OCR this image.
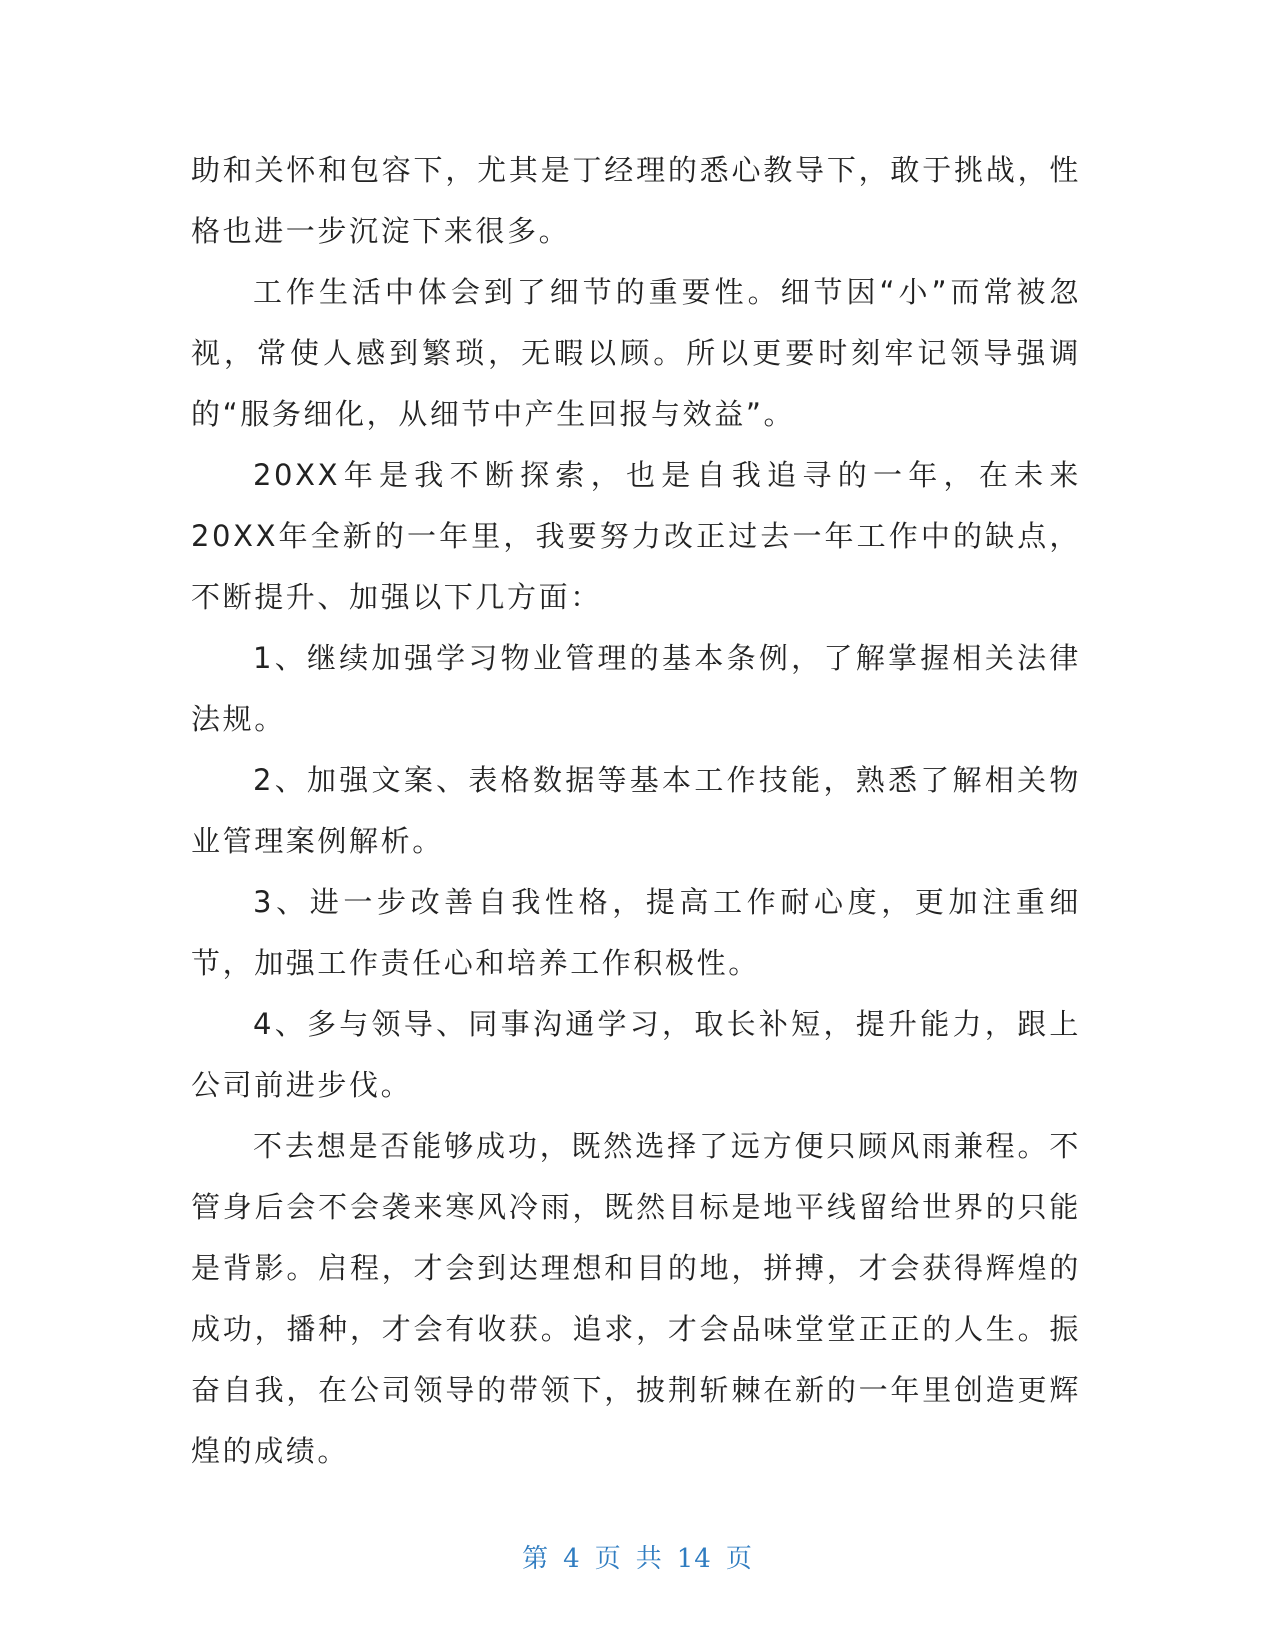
助和关怀和包容下，尤其是丁经理的悉心教导下，敢于挑战，性格也进一步沉淀下来很多。

工作生活中体会到了细节的重要性。细节因“小”而常被忽视，常使人感到繁琐，无暇以顾。所以更要时刻牢记领导强调的“服务细化，从细节中产生回报与效益”。

20XX年是我不断探索，也是自我追寻的一年，在未来20XX年全新的一年里，我要努力改正过去一年工作中的缺点，不断提升、加强以下几方面：

1、继续加强学习物业管理的基本条例，了解掌握相关法律法规。

2、加强文案、表格数据等基本工作技能，熟悉了解相关物业管理案例解析。

3、进一步改善自我性格，提高工作耐心度，更加注重细节，加强工作责任心和培养工作积极性。

4、多与领导、同事沟通学习，取长补短，提升能力，跟上公司前进步伐。

不去想是否能够成功，既然选择了远方便只顾风雨兼程。不管身后会不会袭来寒风冷雨，既然目标是地平线留给世界的只能是背影。启程，才会到达理想和目的地，拼搏，才会获得辉煌的成功，播种，才会有收获。追求，才会品味堂堂正正的人生。振奋自我，在公司领导的带领下，披荆斩棘在新的一年里创造更辉煌的成绩。

第 4 页 共 14 页
